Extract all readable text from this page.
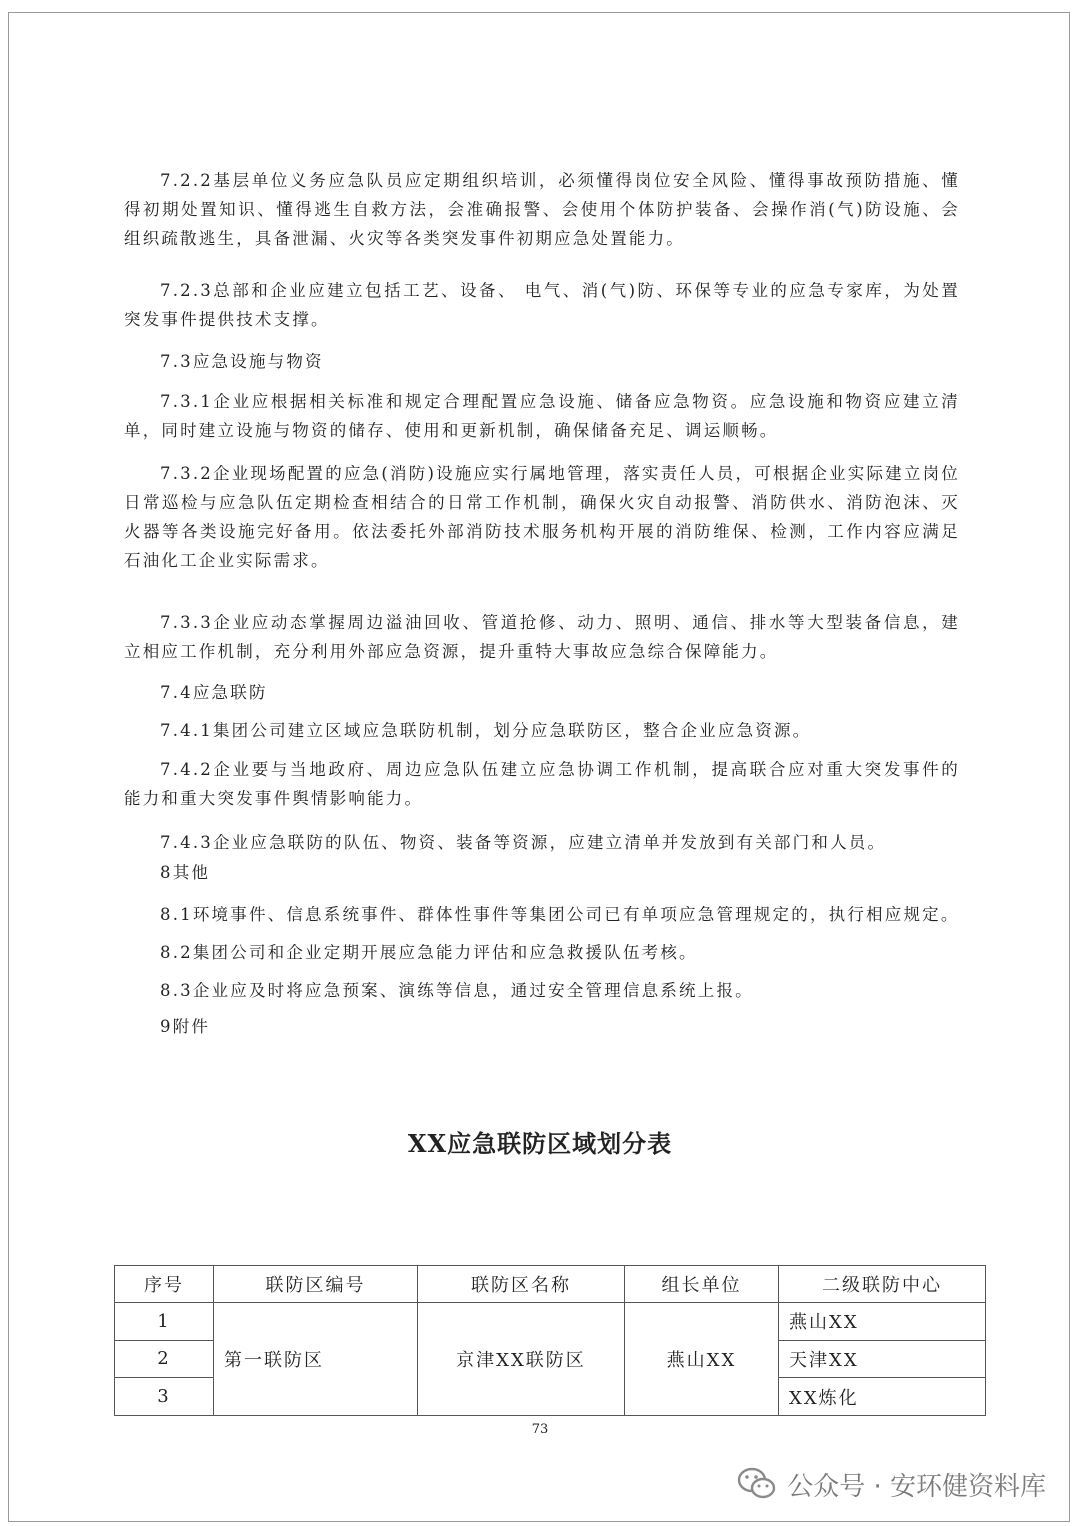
7.2.2基层单位义务应急队员应定期组织培训，必须懂得岗位安全风险、懂得事故预防措施、懂得初期处置知识、懂得逃生自救方法，会准确报警、会使用个体防护装备、会操作消(气)防设施、会组织疏散逃生，具备泄漏、火灾等各类突发事件初期应急处置能力。

7.2.3总部和企业应建立包括工艺、设备、 电气、消(气)防、环保等专业的应急专家库，为处置突发事件提供技术支撑。

7.3应急设施与物资

7.3.1企业应根据相关标准和规定合理配置应急设施、储备应急物资。应急设施和物资应建立清单，同时建立设施与物资的储存、使用和更新机制，确保储备充足、调运顺畅。

7.3.2企业现场配置的应急(消防)设施应实行属地管理，落实责任人员，可根据企业实际建立岗位日常巡检与应急队伍定期检查相结合的日常工作机制，确保火灾自动报警、消防供水、消防泡沫、灭火器等各类设施完好备用。依法委托外部消防技术服务机构开展的消防维保、检测，工作内容应满足石油化工企业实际需求。

7.3.3企业应动态掌握周边溢油回收、管道抢修、动力、照明、通信、排水等大型装备信息，建立相应工作机制，充分利用外部应急资源，提升重特大事故应急综合保障能力。

7.4应急联防

7.4.1集团公司建立区域应急联防机制，划分应急联防区，整合企业应急资源。

7.4.2企业要与当地政府、周边应急队伍建立应急协调工作机制，提高联合应对重大突发事件的能力和重大突发事件舆情影响能力。

7.4.3企业应急联防的队伍、物资、装备等资源，应建立清单并发放到有关部门和人员。

8其他

8.1环境事件、信息系统事件、群体性事件等集团公司已有单项应急管理规定的，执行相应规定。

8.2集团公司和企业定期开展应急能力评估和应急救援队伍考核。

8.3企业应及时将应急预案、演练等信息，通过安全管理信息系统上报。

9附件

XX应急联防区域划分表
序号	联防区编号	联防区名称	组长单位	二级联防中心
1	第一联防区	京津XX联防区	燕山XX	燕山XX
2				天津XX
3				XX炼化

73

公众号 · 安环健资料库
